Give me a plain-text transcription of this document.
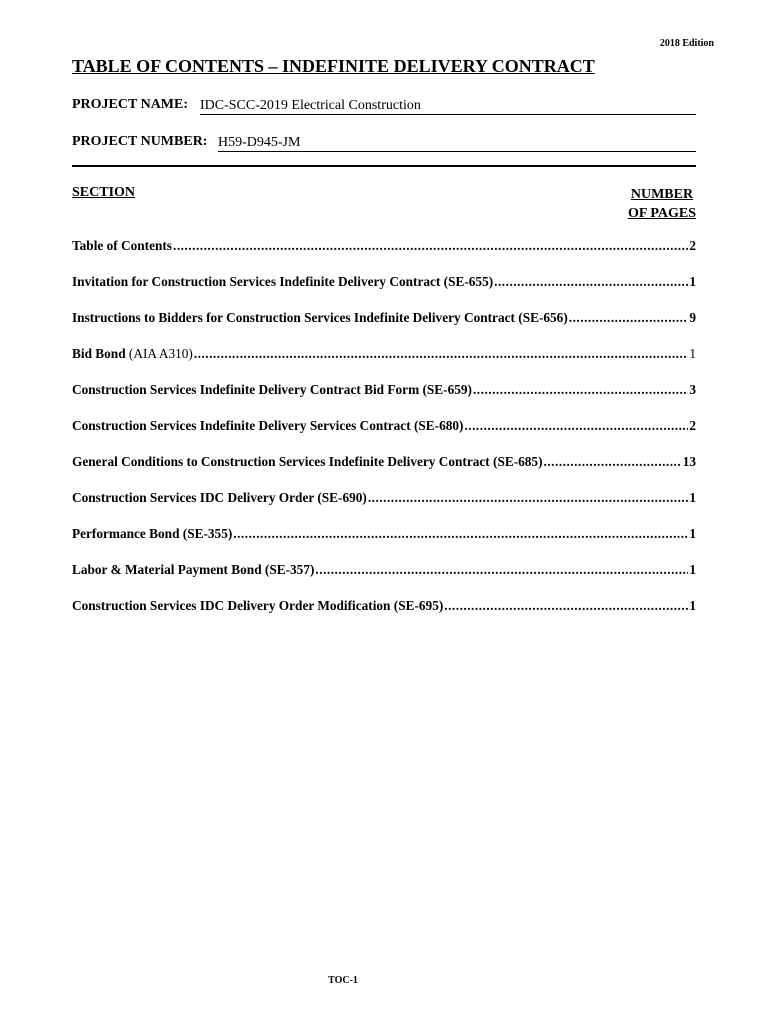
2018 Edition
TABLE OF CONTENTS – INDEFINITE DELIVERY CONTRACT
PROJECT NAME: IDC-SCC-2019 Electrical Construction
PROJECT NUMBER: H59-D945-JM
SECTION	NUMBER
OF PAGES
Table of Contents .....	2
Invitation for Construction Services Indefinite Delivery Contract (SE-655) .....	1
Instructions to Bidders for Construction Services Indefinite Delivery Contract (SE-656) .....	9
Bid Bond (AIA A310) .....	1
Construction Services Indefinite Delivery Contract Bid Form (SE-659) .....	3
Construction Services Indefinite Delivery Services Contract (SE-680) .....	2
General Conditions to Construction Services Indefinite Delivery Contract (SE-685) .....	13
Construction Services IDC Delivery Order (SE-690) .....	1
Performance Bond (SE-355) .....	1
Labor & Material Payment Bond (SE-357) .....	1
Construction Services IDC Delivery Order Modification (SE-695) .....	1
TOC-1
